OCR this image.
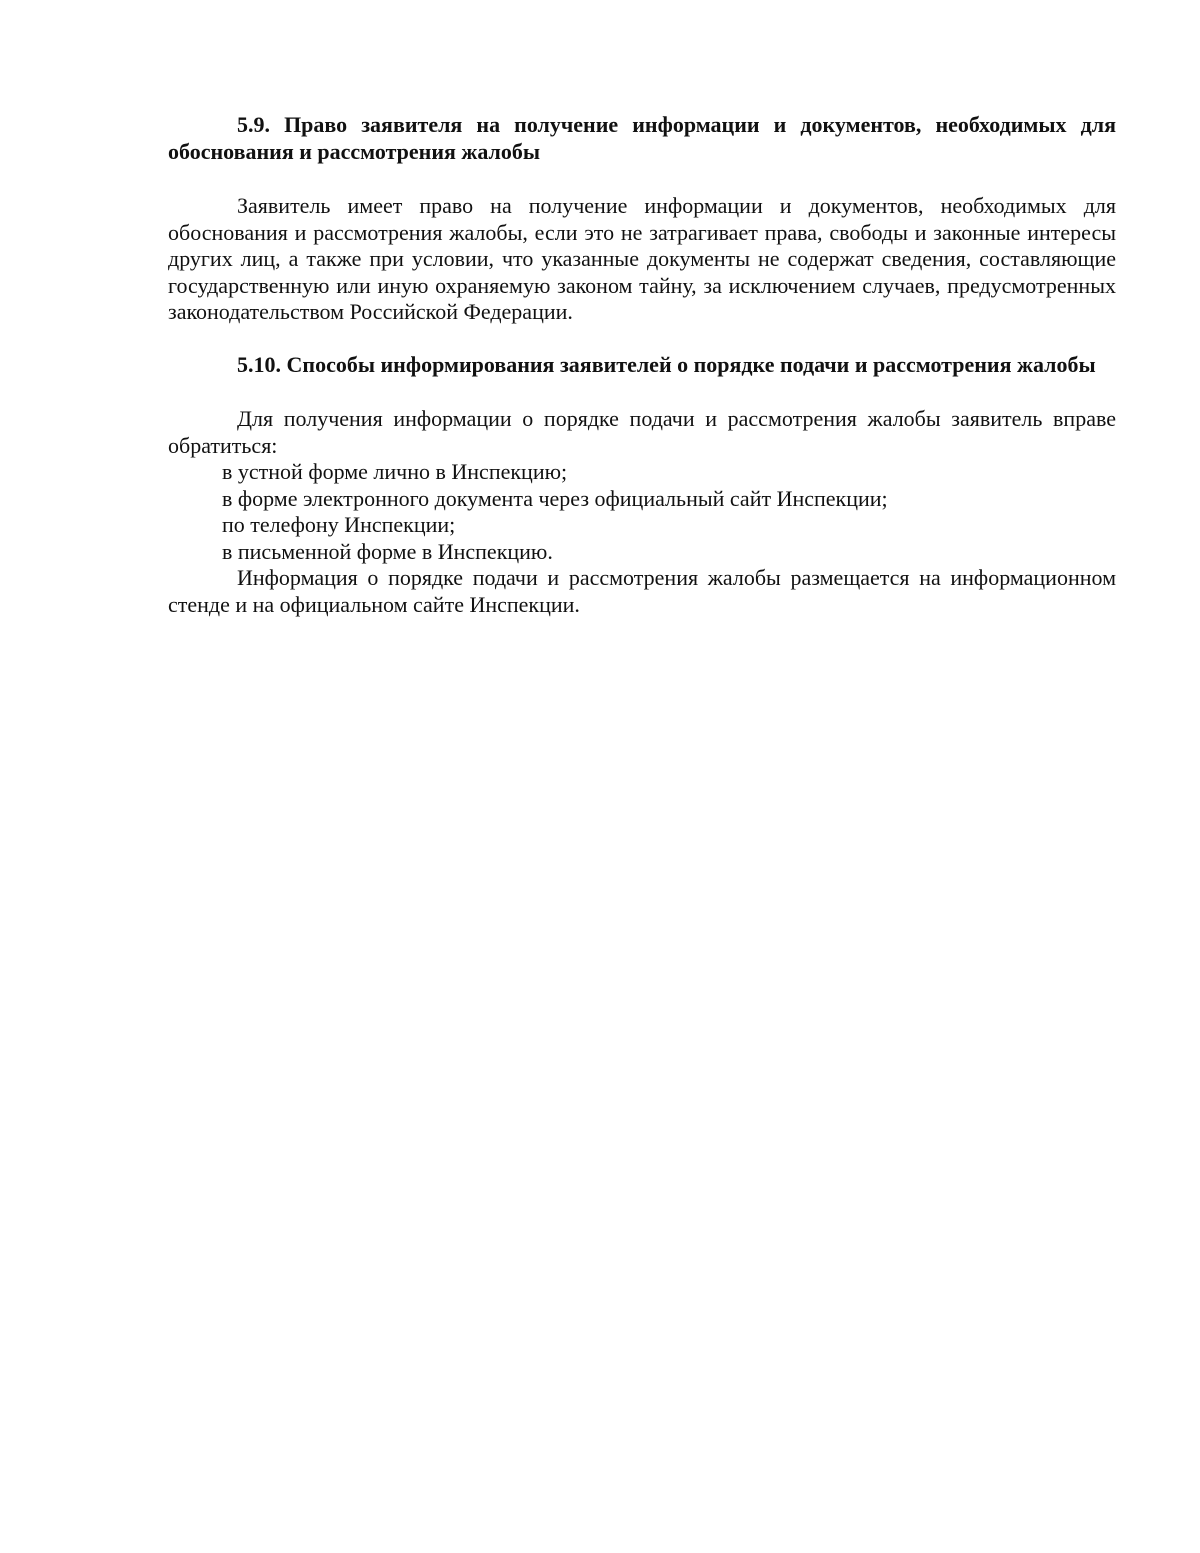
5.9. Право заявителя на получение информации и документов, необходимых для обоснования и рассмотрения жалобы

Заявитель имеет право на получение информации и документов, необходимых для обоснования и рассмотрения жалобы, если это не затрагивает права, свободы и законные интересы других лиц, а также при условии, что указанные документы не содержат сведения, составляющие государственную или иную охраняемую законом тайну, за исключением случаев, предусмотренных законодательством Российской Федерации.

5.10. Способы информирования заявителей о порядке подачи и рассмотрения жалобы

Для получения информации о порядке подачи и рассмотрения жалобы заявитель вправе обратиться:

в устной форме лично в Инспекцию;

в форме электронного документа через официальный сайт Инспекции;

по телефону Инспекции;

в письменной форме в Инспекцию.

Информация о порядке подачи и рассмотрения жалобы размещается на информационном стенде и на официальном сайте Инспекции.
